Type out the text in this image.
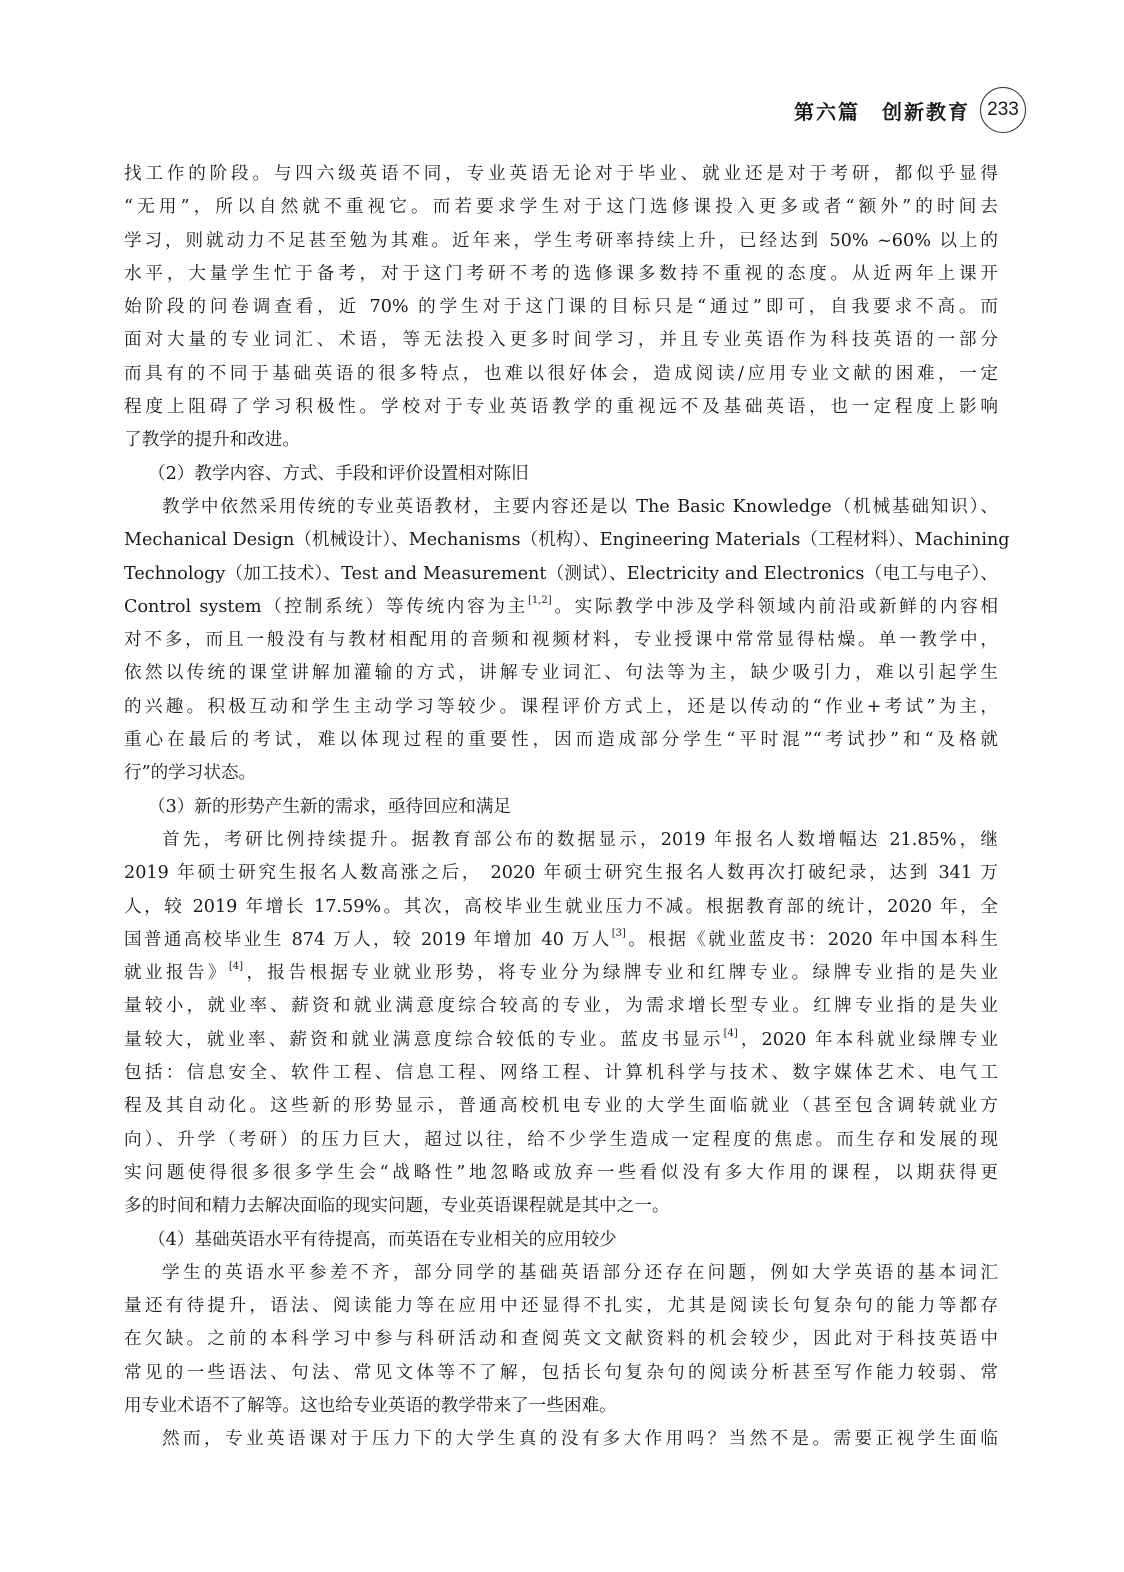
第六篇　创新教育 233
找工作的阶段。与四六级英语不同，专业英语无论对于毕业、就业还是对于考研，都似乎显得
“无用”，所以自然就不重视它。而若要求学生对于这门选修课投入更多或者“额外”的时间去
学习，则就动力不足甚至勉为其难。近年来，学生考研率持续上升，已经达到 50% ~60% 以上的
水平，大量学生忙于备考，对于这门考研不考的选修课多数持不重视的态度。从近两年上课开
始阶段的问卷调查看，近 70% 的学生对于这门课的目标只是“通过”即可，自我要求不高。而
面对大量的专业词汇、术语，等无法投入更多时间学习，并且专业英语作为科技英语的一部分
而具有的不同于基础英语的很多特点，也难以很好体会，造成阅读/应用专业文献的困难，一定
程度上阻碍了学习积极性。学校对于专业英语教学的重视远不及基础英语，也一定程度上影响
了教学的提升和改进。
（2）教学内容、方式、手段和评价设置相对陈旧
教学中依然采用传统的专业英语教材，主要内容还是以 The Basic Knowledge（机械基础知识）、
Mechanical Design（机械设计）、Mechanisms（机构）、Engineering Materials（工程材料）、Machining
Technology（加工技术）、Test and Measurement（测试）、Electricity and Electronics（电工与电子）、
Control system（控制系统）等传统内容为主[1,2]。实际教学中涉及学科领域内前沿或新鲜的内容相
对不多，而且一般没有与教材相配用的音频和视频材料，专业授课中常常显得枯燥。单一教学中，
依然以传统的课堂讲解加灌输的方式，讲解专业词汇、句法等为主，缺少吸引力，难以引起学生
的兴趣。积极互动和学生主动学习等较少。课程评价方式上，还是以传动的“作业+考试”为主，
重心在最后的考试，难以体现过程的重要性，因而造成部分学生“平时混”“考试抄”和“及格就
行”的学习状态。
（3）新的形势产生新的需求，亟待回应和满足
首先，考研比例持续提升。据教育部公布的数据显示，2019 年报名人数增幅达 21.85%，继
2019 年硕士研究生报名人数高涨之后， 2020 年硕士研究生报名人数再次打破纪录，达到 341 万
人，较 2019 年增长 17.59%。其次，高校毕业生就业压力不减。根据教育部的统计，2020 年，全
国普通高校毕业生 874 万人，较 2019 年增加 40 万人[3]。根据《就业蓝皮书：2020 年中国本科生
就业报告》[4]，报告根据专业就业形势，将专业分为绿牌专业和红牌专业。绿牌专业指的是失业
量较小，就业率、薪资和就业满意度综合较高的专业，为需求增长型专业。红牌专业指的是失业
量较大，就业率、薪资和就业满意度综合较低的专业。蓝皮书显示[4]，2020 年本科就业绿牌专业
包括：信息安全、软件工程、信息工程、网络工程、计算机科学与技术、数字媒体艺术、电气工
程及其自动化。这些新的形势显示，普通高校机电专业的大学生面临就业（甚至包含调转就业方
向）、升学（考研）的压力巨大，超过以往，给不少学生造成一定程度的焦虑。而生存和发展的现
实问题使得很多很多学生会“战略性”地忽略或放弃一些看似没有多大作用的课程，以期获得更
多的时间和精力去解决面临的现实问题，专业英语课程就是其中之一。
（4）基础英语水平有待提高，而英语在专业相关的应用较少
学生的英语水平参差不齐，部分同学的基础英语部分还存在问题，例如大学英语的基本词汇
量还有待提升，语法、阅读能力等在应用中还显得不扎实，尤其是阅读长句复杂句的能力等都存
在欠缺。之前的本科学习中参与科研活动和查阅英文文献资料的机会较少，因此对于科技英语中
常见的一些语法、句法、常见文体等不了解，包括长句复杂句的阅读分析甚至写作能力较弱、常
用专业术语不了解等。这也给专业英语的教学带来了一些困难。
然而，专业英语课对于压力下的大学生真的没有多大作用吗？当然不是。需要正视学生面临
